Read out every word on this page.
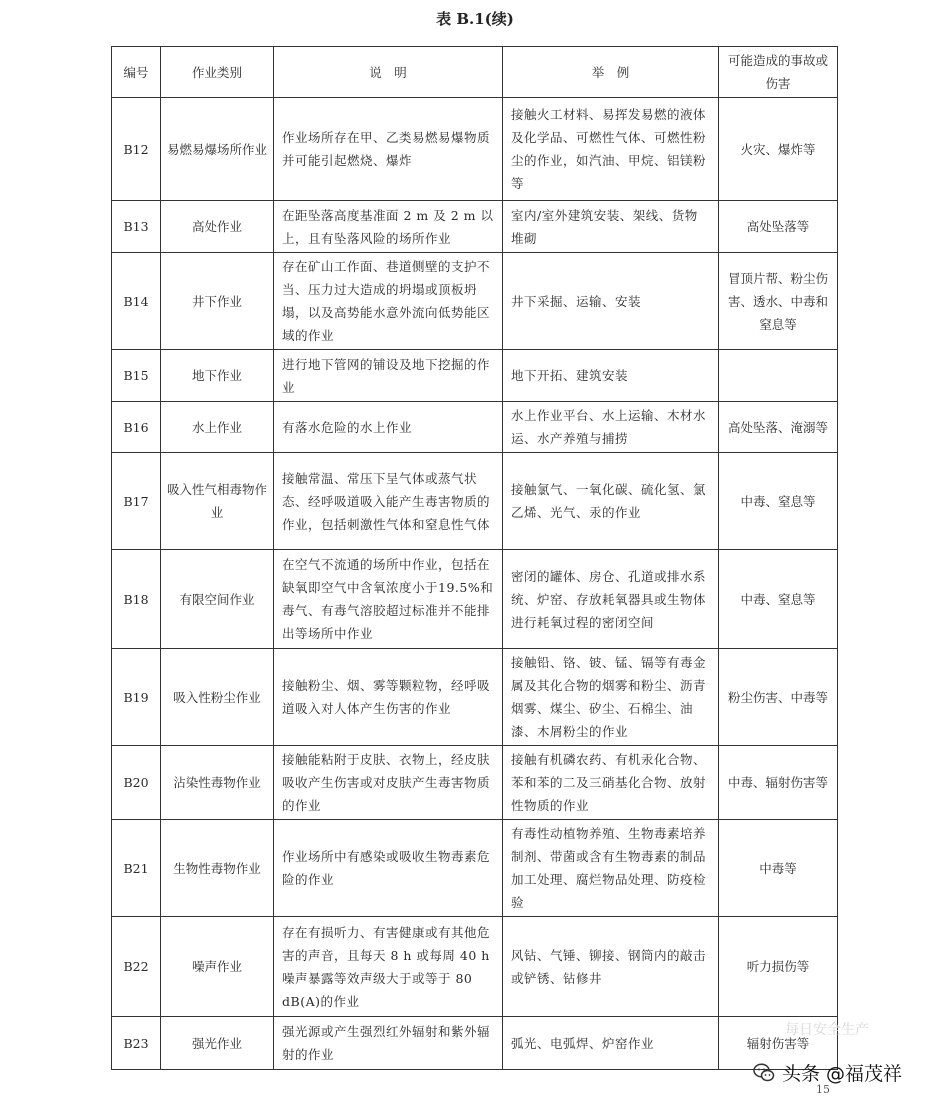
表 B.1(续)
编号	作业类别	说　明	举　例	可能造成的事故或伤害
B12	易燃易爆场所作业	作业场所存在甲、乙类易燃易爆物质并可能引起燃烧、爆炸	接触火工材料、易挥发易燃的液体及化学品、可燃性气体、可燃性粉尘的作业，如汽油、甲烷、铝镁粉等	火灾、爆炸等
B13	高处作业	在距坠落高度基准面 2 m 及 2 m 以上，且有坠落风险的场所作业	室内/室外建筑安装、架线、货物堆砌	高处坠落等
B14	井下作业	存在矿山工作面、巷道侧壁的支护不当、压力过大造成的坍塌或顶板坍塌，以及高势能水意外流向低势能区域的作业	井下采掘、运输、安装	冒顶片帮、粉尘伤害、透水、中毒和窒息等
B15	地下作业	进行地下管网的铺设及地下挖掘的作业	地下开拓、建筑安装	
B16	水上作业	有落水危险的水上作业	水上作业平台、水上运输、木材水运、水产养殖与捕捞	高处坠落、淹溺等
B17	吸入性气相毒物作业	接触常温、常压下呈气体或蒸气状态、经呼吸道吸入能产生毒害物质的作业，包括刺激性气体和窒息性气体	接触氯气、一氧化碳、硫化氢、氯乙烯、光气、汞的作业	中毒、窒息等
B18	有限空间作业	在空气不流通的场所中作业，包括在缺氧即空气中含氧浓度小于19.5%和毒气、有毒气溶胶超过标准并不能排出等场所中作业	密闭的罐体、房仓、孔道或排水系统、炉窑、存放耗氧器具或生物体进行耗氧过程的密闭空间	中毒、窒息等
B19	吸入性粉尘作业	接触粉尘、烟、雾等颗粒物，经呼吸道吸入对人体产生伤害的作业	接触铅、铬、铍、锰、镉等有毒金属及其化合物的烟雾和粉尘、沥青烟雾、煤尘、矽尘、石棉尘、油漆、木屑粉尘的作业	粉尘伤害、中毒等
B20	沾染性毒物作业	接触能粘附于皮肤、衣物上，经皮肤吸收产生伤害或对皮肤产生毒害物质的作业	接触有机磷农药、有机汞化合物、苯和苯的二及三硝基化合物、放射性物质的作业	中毒、辐射伤害等
B21	生物性毒物作业	作业场所中有感染或吸收生物毒素危险的作业	有毒性动植物养殖、生物毒素培养制剂、带菌或含有生物毒素的制品加工处理、腐烂物品处理、防疫检验	中毒等
B22	噪声作业	存在有损听力、有害健康或有其他危害的声音，且每天 8 h 或每周 40 h噪声暴露等效声级大于或等于 80 dB(A)的作业	风钻、气锤、铆接、钢筒内的敲击或铲锈、钻修井	听力损伤等
B23	强光作业	强光源或产生强烈红外辐射和紫外辐射的作业	弧光、电弧焊、炉窑作业	辐射伤害等
每日安全生产
头条 @福茂祥
15
